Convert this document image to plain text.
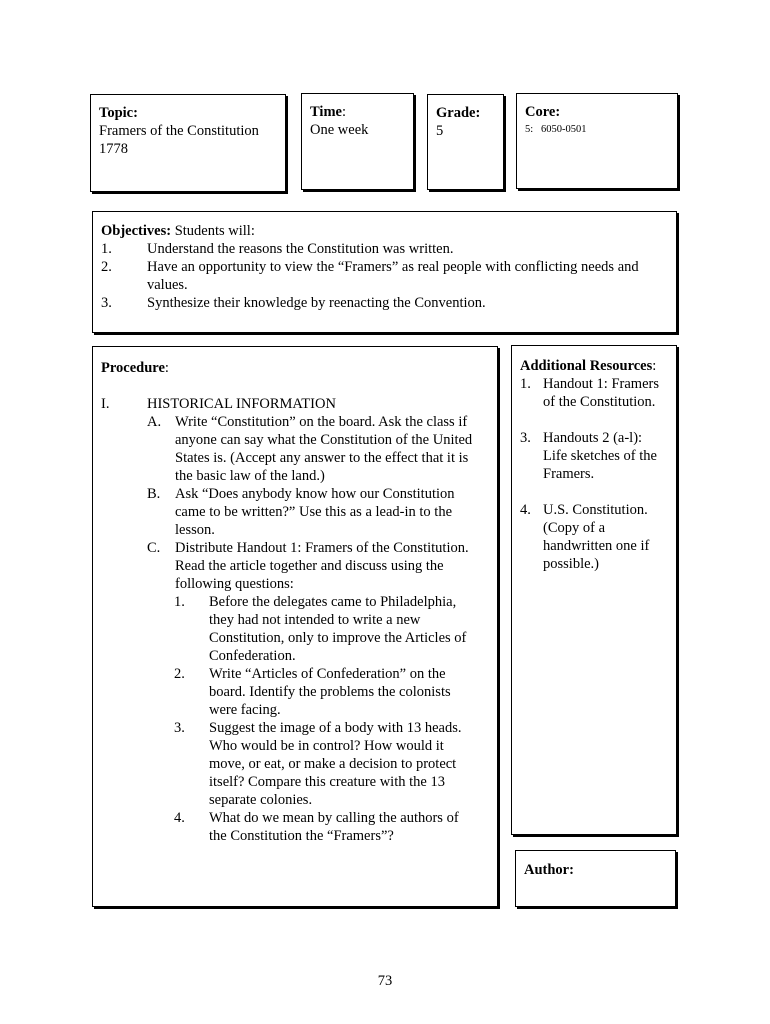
Topic:
Framers of the Constitution
1778
Time:
One week
Grade:
5
Core:
5:   6050-0501
Objectives: Students will:
1. Understand the reasons the Constitution was written.
2. Have an opportunity to view the “Framers” as real people with conflicting needs and
values.
3. Synthesize their knowledge by reenacting the Convention.
Procedure:
I.	HISTORICAL INFORMATION
A. Write “Constitution” on the board. Ask the class if
anyone can say what the Constitution of the United
States is. (Accept any answer to the effect that it is
the basic law of the land.)
B. Ask “Does anybody know how our Constitution
came to be written?” Use this as a lead-in to the
lesson.
C. Distribute Handout 1: Framers of the Constitution.
Read the article together and discuss using the
following questions:
1. Before the delegates came to Philadelphia,
they had not intended to write a new
Constitution, only to improve the Articles of
Confederation.
2. Write “Articles of Confederation” on the
board. Identify the problems the colonists
were facing.
3. Suggest the image of a body with 13 heads.
Who would be in control? How would it
move, or eat, or make a decision to protect
itself? Compare this creature with the 13
separate colonies.
4. What do we mean by calling the authors of
the Constitution the “Framers”?
Additional Resources:
1. Handout 1: Framers
of the Constitution.
3. Handouts 2 (a-l):
Life sketches of the
Framers.
4. U.S. Constitution.
(Copy of a
handwritten one if
possible.)
Author:
73
